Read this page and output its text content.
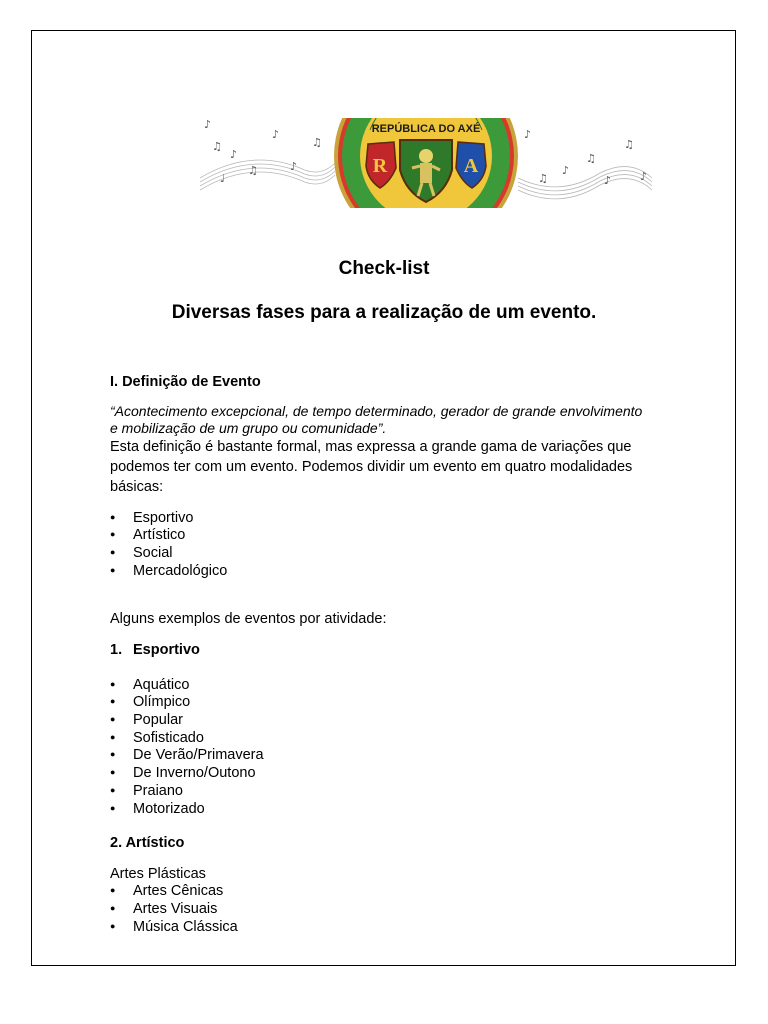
♪
♫
♪
♫
♪
♪
♫
♩
♪
♫
♪
♫
♪
♫
♪
REPÚBLICA DO AXÉ
R	A
Check-list
Diversas fases para a realização de um evento.
I. Definição de Evento
“Acontecimento excepcional, de tempo determinado, gerador de grande envolvimento
e mobilização de um grupo ou comunidade”.
Esta definição é bastante formal, mas expressa a grande gama de variações que podemos ter com um evento. Podemos dividir um evento em quatro modalidades básicas:
● Esportivo
● Artístico
● Social
● Mercadológico
Alguns exemplos de eventos por atividade:
1. Esportivo
● Aquático
● Olímpico
● Popular
● Sofisticado
● De Verão/Primavera
● De Inverno/Outono
● Praiano
● Motorizado
2. Artístico
Artes Plásticas
● Artes Cênicas
● Artes Visuais
● Música Clássica
